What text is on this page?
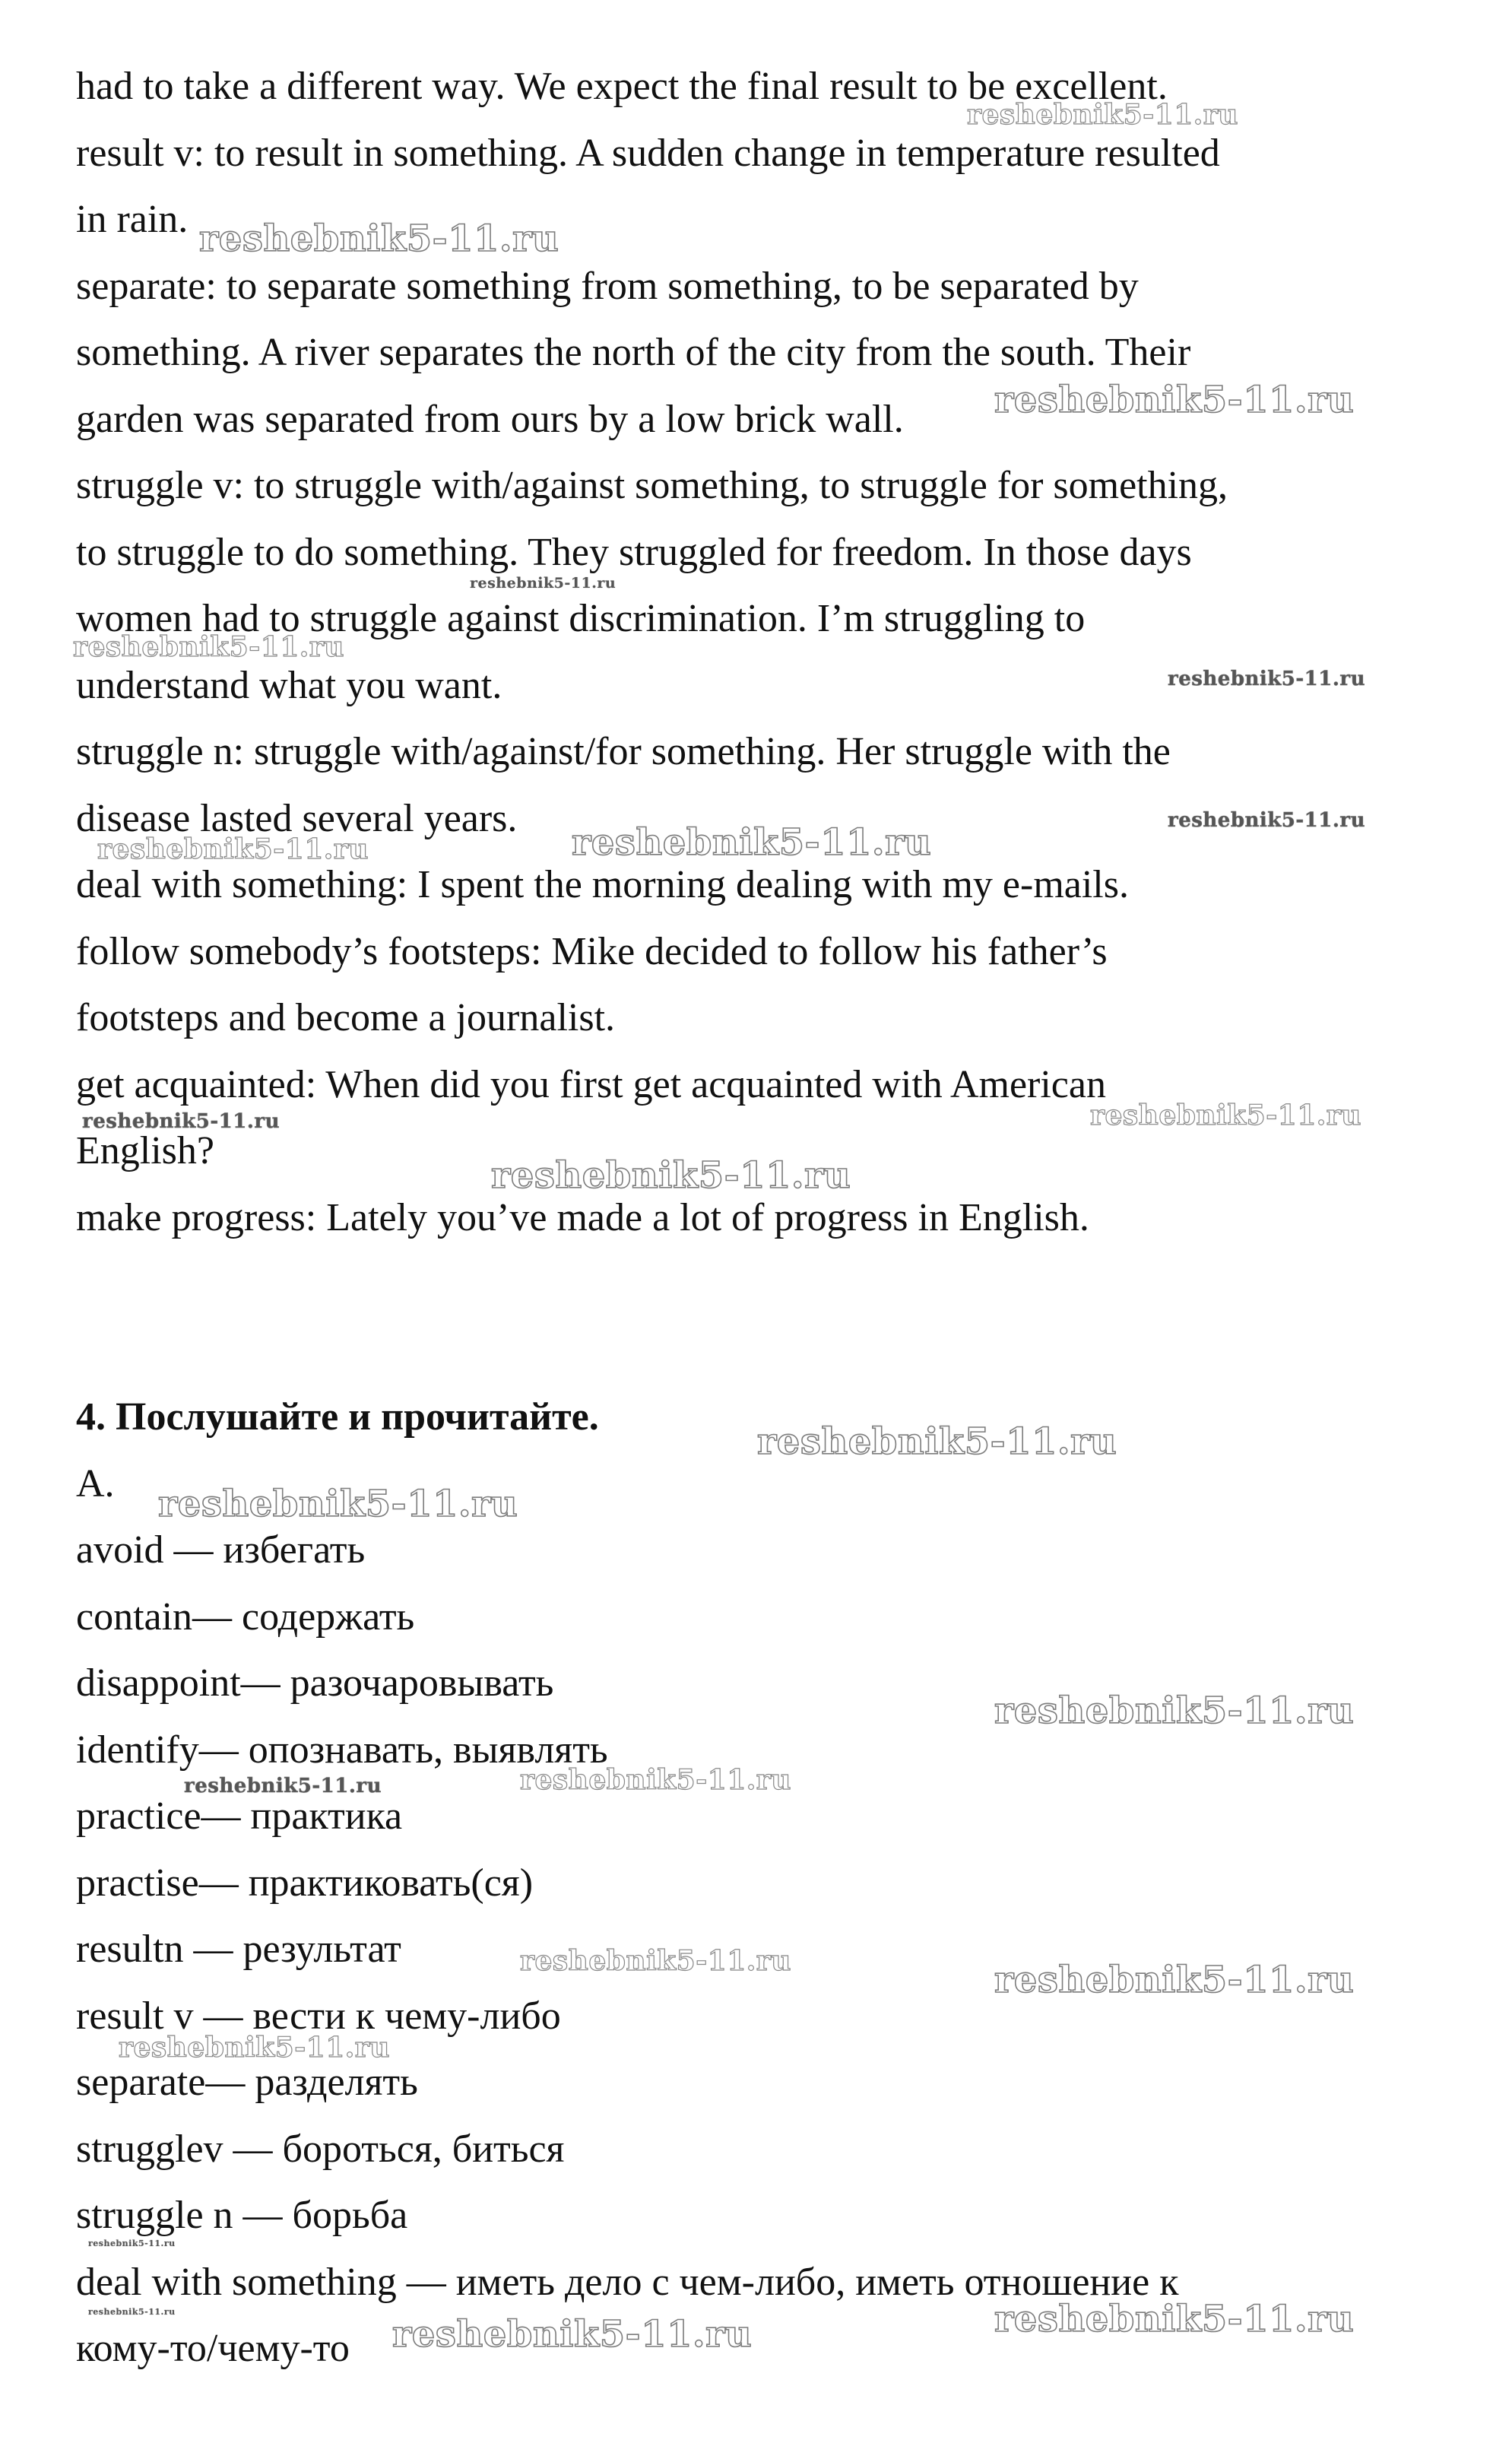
had to take a different way. We expect the final result to be excellent.
result v: to result in something. A sudden change in temperature resulted
in rain.
separate: to separate something from something, to be separated by
something. A river separates the north of the city from the south. Their
garden was separated from ours by a low brick wall.
struggle v: to struggle with/against something, to struggle for something,
to struggle to do something. They struggled for freedom. In those days
women had to struggle against discrimination. I’m struggling to
understand what you want.
struggle n: struggle with/against/for something. Her struggle with the
disease lasted several years.
deal with something: I spent the morning dealing with my e-mails.
follow somebody’s footsteps: Mike decided to follow his father’s
footsteps and become a journalist.
get acquainted: When did you first get acquainted with American
English?
make progress: Lately you’ve made a lot of progress in English.
4. Послушайте и прочитайте.
A.
avoid — избегать
contain— содержать
disappoint— разочаровывать
identify— опознавать, выявлять
practice— практика
practise— практиковать(ся)
resultn — результат
result v — вести к чему-либо
separate— разделять
strugglev — бороться, биться
struggle n — борьба
deal with something — иметь дело с чем-либо, иметь отношение к
кому-то/чему-то
reshebnik5-11.ru
reshebnik5-11.ru
reshebnik5-11.ru
reshebnik5-11.ru
reshebnik5-11.ru
reshebnik5-11.ru
reshebnik5-11.ru
reshebnik5-11.ru
reshebnik5-11.ru
reshebnik5-11.ru	reshebnik5-11.ru
reshebnik5-11.ru
reshebnik5-11.ru
reshebnik5-11.ru
reshebnik5-11.ru
reshebnik5-11.ru	reshebnik5-11.ru
reshebnik5-11.ru	reshebnik5-11.ru
reshebnik5-11.ru
reshebnik5-11.ru
reshebnik5-11.ru	reshebnik5-11.ru
reshebnik5-11.ru
